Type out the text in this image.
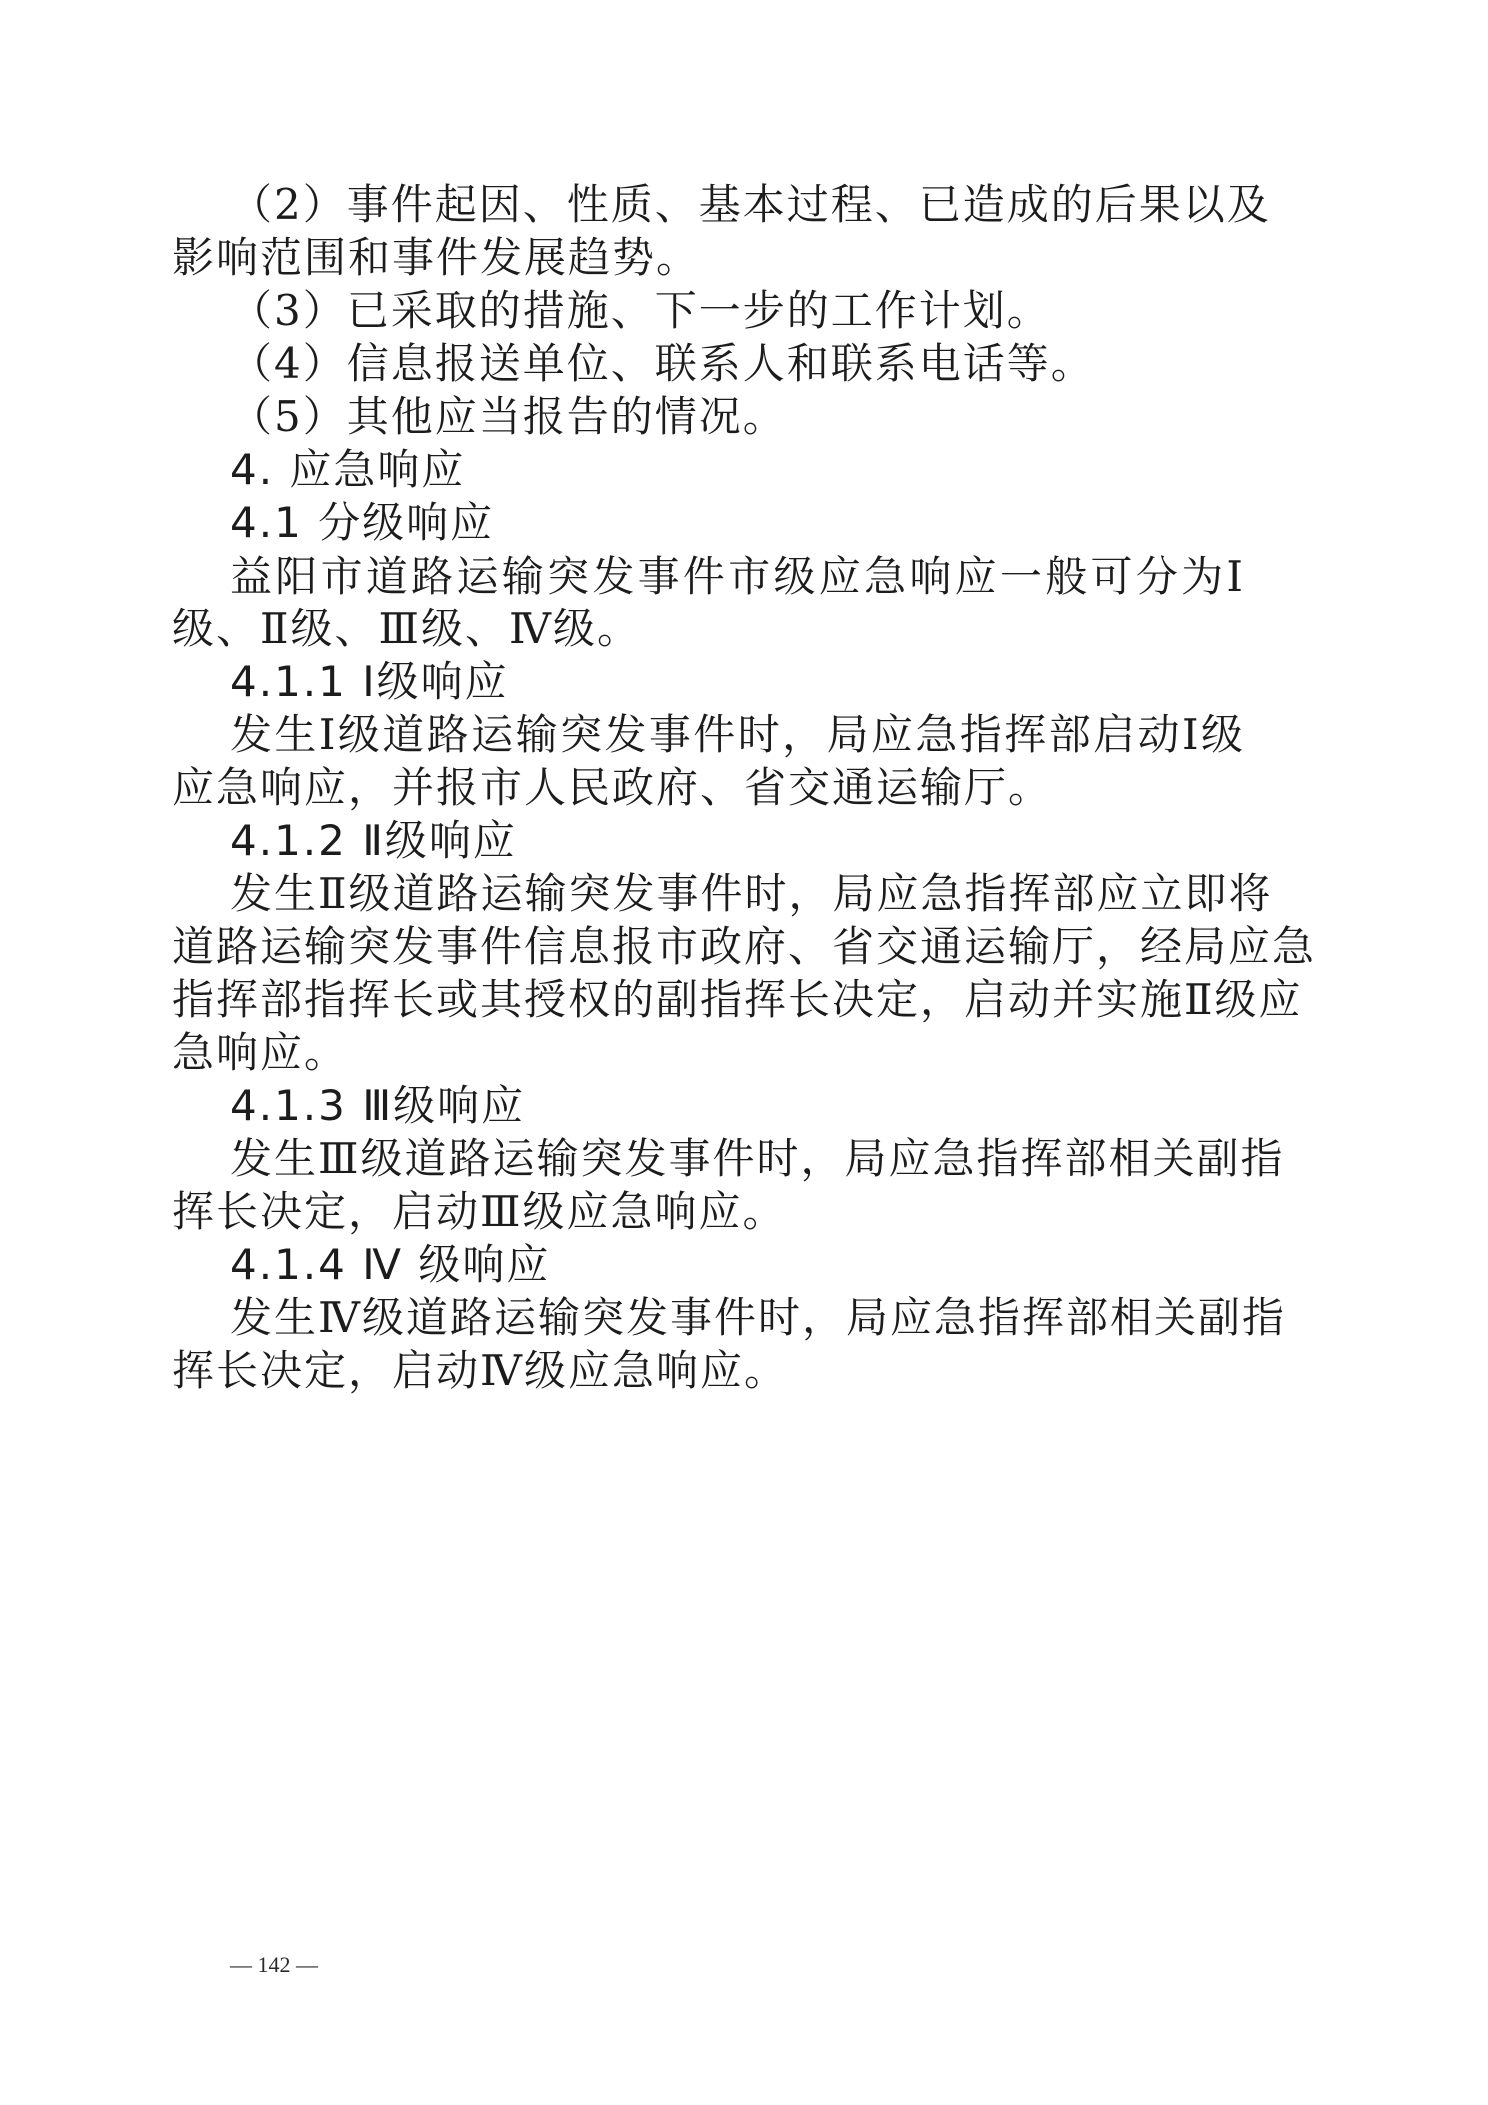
（2）事件起因、性质、基本过程、已造成的后果以及
影响范围和事件发展趋势。
（3）已采取的措施、下一步的工作计划。
（4）信息报送单位、联系人和联系电话等。
（5）其他应当报告的情况。
4. 应急响应
4.1 分级响应
益阳市道路运输突发事件市级应急响应一般可分为Ⅰ
级、Ⅱ级、Ⅲ级、Ⅳ级。
4.1.1 Ⅰ级响应
发生Ⅰ级道路运输突发事件时，局应急指挥部启动Ⅰ级
应急响应，并报市人民政府、省交通运输厅。
4.1.2 Ⅱ级响应
发生Ⅱ级道路运输突发事件时，局应急指挥部应立即将
道路运输突发事件信息报市政府、省交通运输厅，经局应急
指挥部指挥长或其授权的副指挥长决定，启动并实施Ⅱ级应
急响应。
4.1.3 Ⅲ级响应
发生Ⅲ级道路运输突发事件时，局应急指挥部相关副指
挥长决定，启动Ⅲ级应急响应。
4.1.4 Ⅳ 级响应
发生Ⅳ级道路运输突发事件时，局应急指挥部相关副指
挥长决定，启动Ⅳ级应急响应。
— 142 —
